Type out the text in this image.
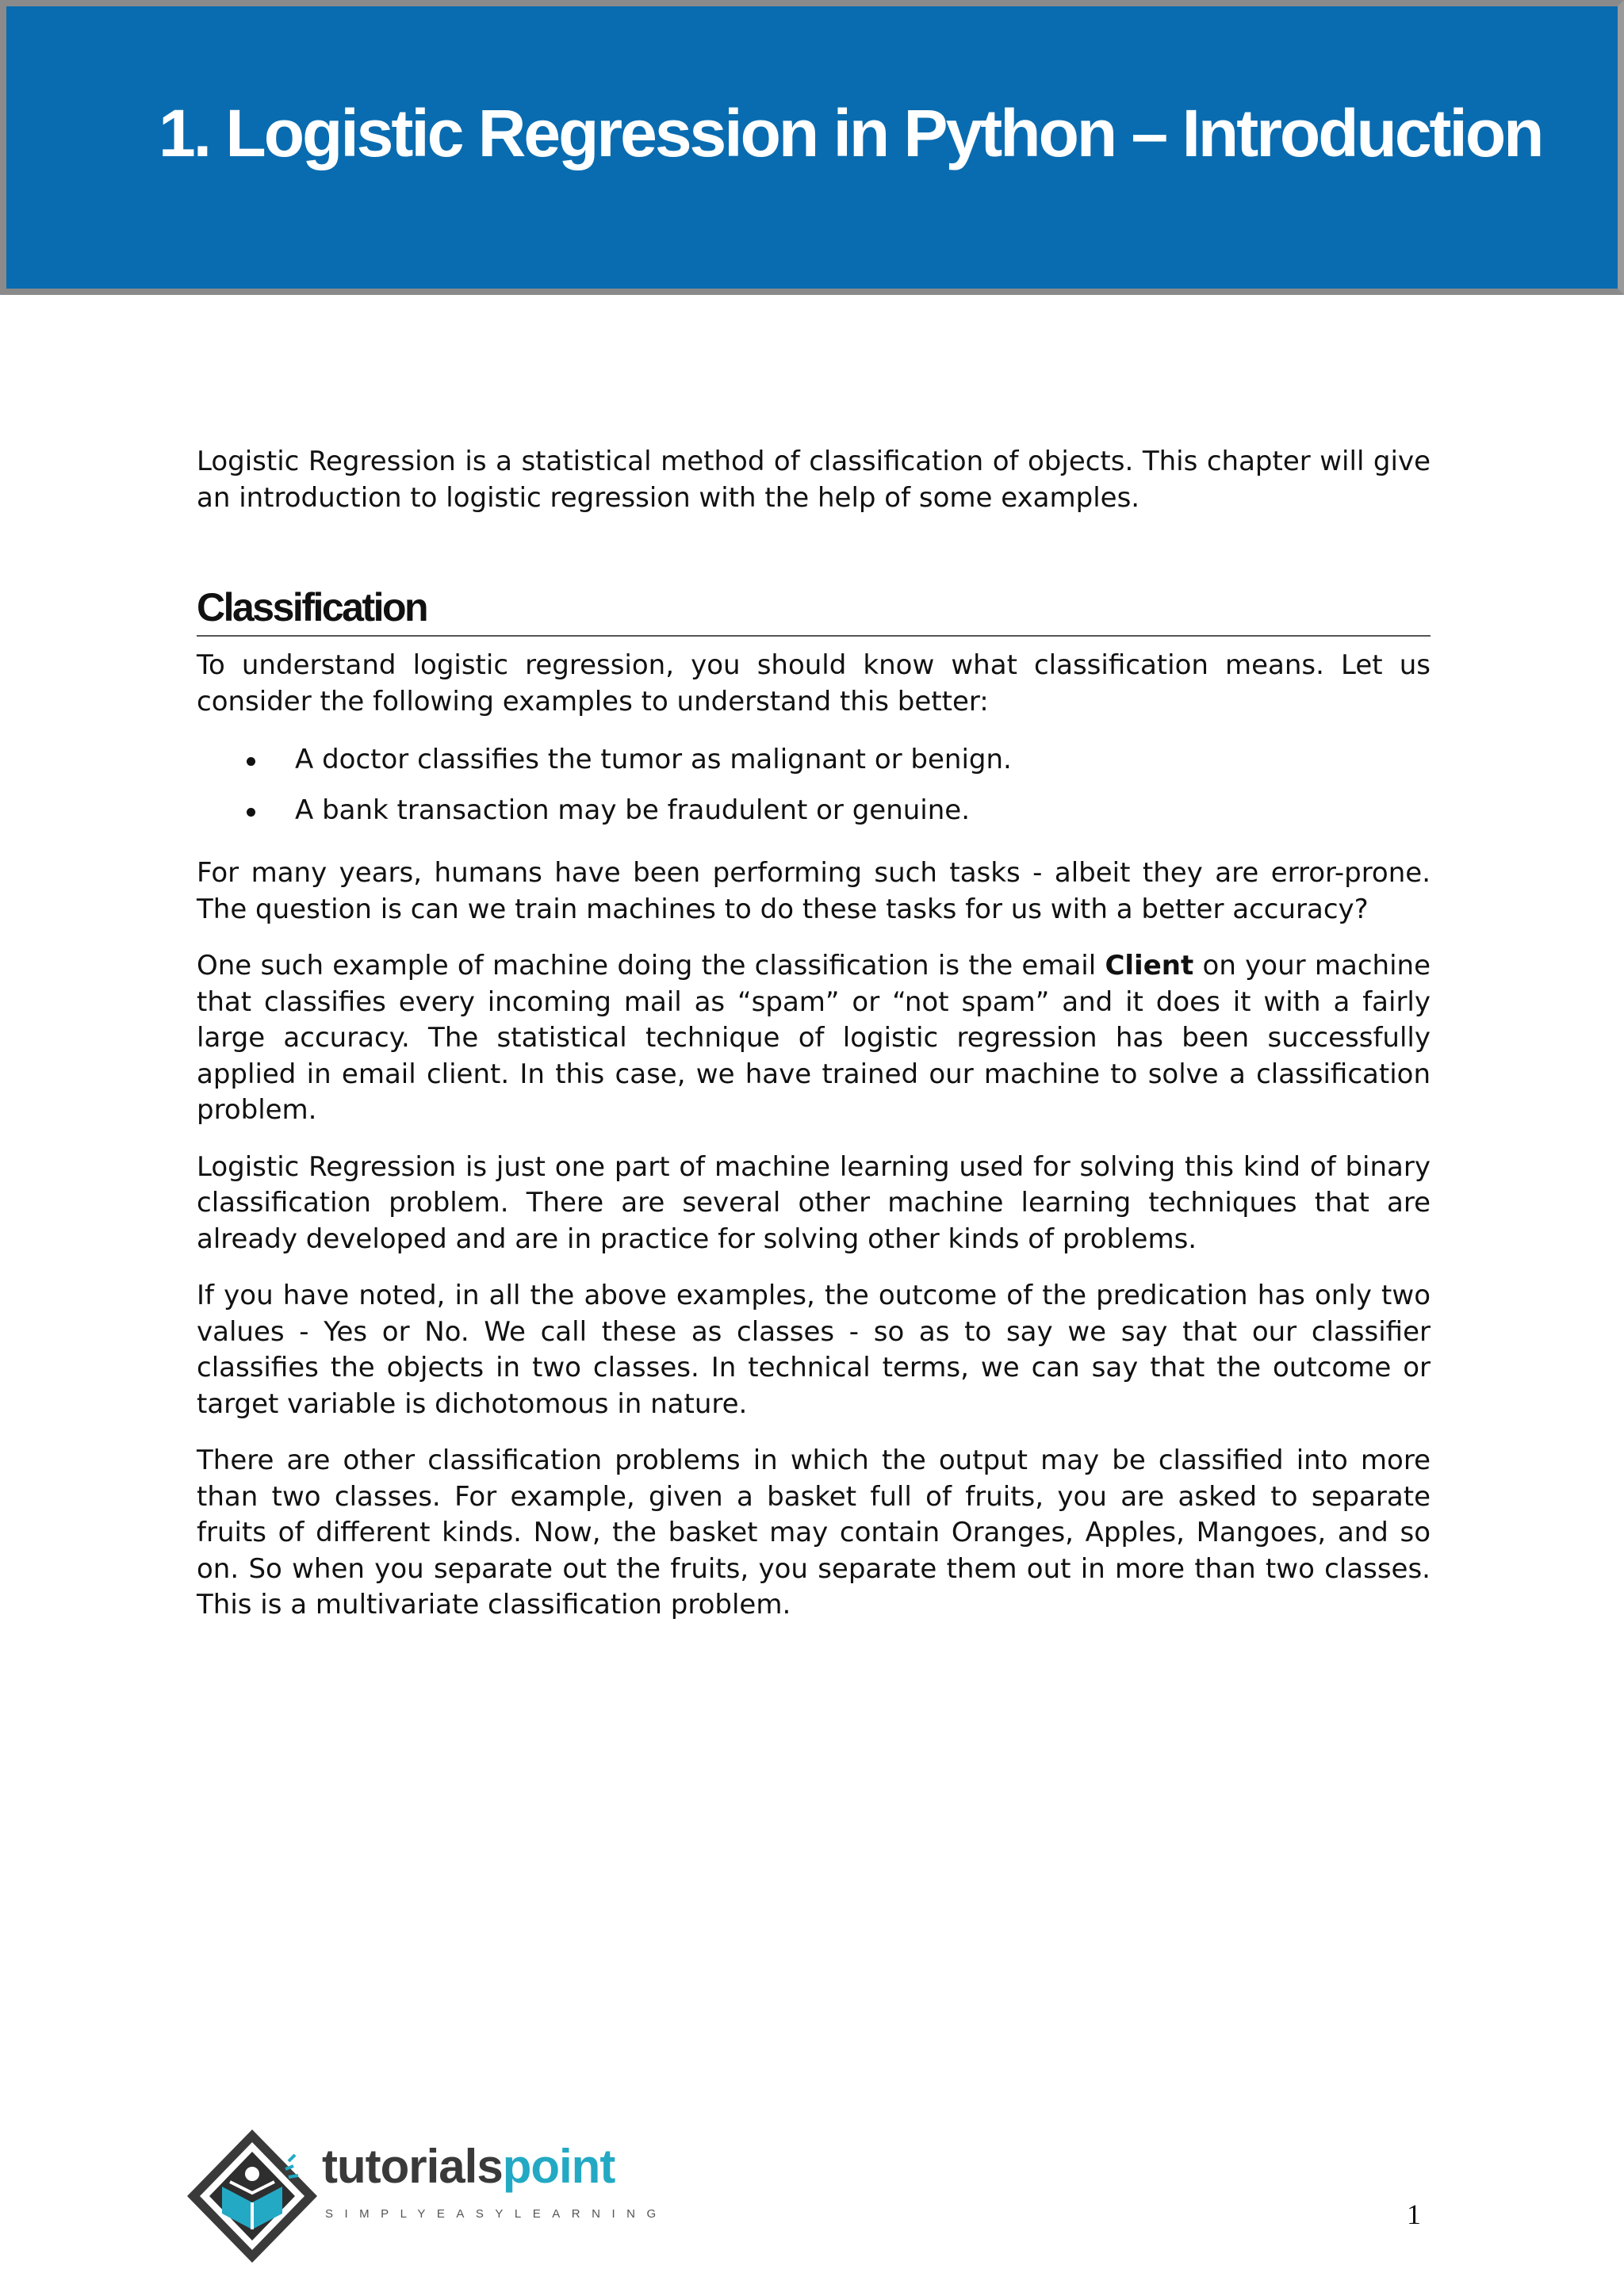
1. Logistic Regression in Python – Introduction

Logistic Regression is a statistical method of classification of objects. This chapter will give an introduction to logistic regression with the help of some examples.

Classification

To understand logistic regression, you should know what classification means. Let us consider the following examples to understand this better:

A doctor classifies the tumor as malignant or benign.
A bank transaction may be fraudulent or genuine.

For many years, humans have been performing such tasks - albeit they are error-prone. The question is can we train machines to do these tasks for us with a better accuracy?

One such example of machine doing the classification is the email Client on your machine that classifies every incoming mail as “spam” or “not spam” and it does it with a fairly large accuracy. The statistical technique of logistic regression has been successfully applied in email client. In this case, we have trained our machine to solve a classification problem.

Logistic Regression is just one part of machine learning used for solving this kind of binary classification problem. There are several other machine learning techniques that are already developed and are in practice for solving other kinds of problems.

If you have noted, in all the above examples, the outcome of the predication has only two values - Yes or No. We call these as classes - so as to say we say that our classifier classifies the objects in two classes. In technical terms, we can say that the outcome or target variable is dichotomous in nature.

There are other classification problems in which the output may be classified into more than two classes. For example, given a basket full of fruits, you are asked to separate fruits of different kinds. Now, the basket may contain Oranges, Apples, Mangoes, and so on. So when you separate out the fruits, you separate them out in more than two classes. This is a multivariate classification problem.

tutorialspoint
SIMPLYEASYLEARNING	1
